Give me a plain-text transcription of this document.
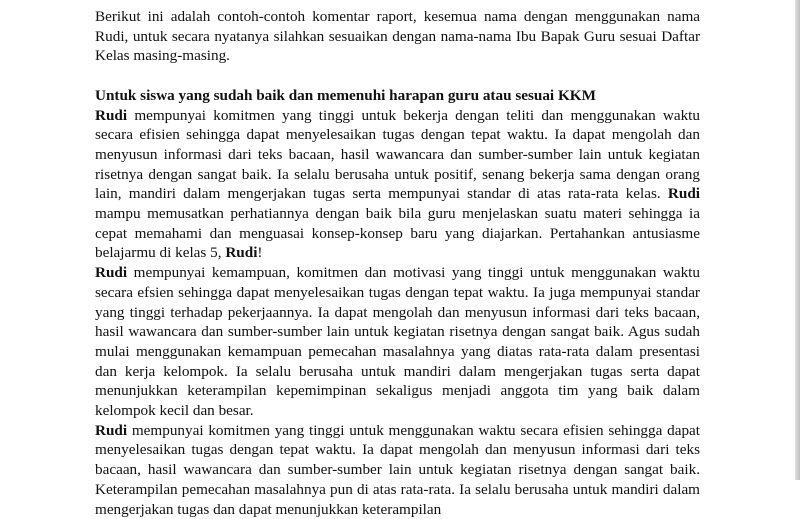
Berikut ini adalah contoh-contoh komentar raport, kesemua nama dengan menggunakan nama Rudi, untuk secara nyatanya silahkan sesuaikan dengan nama-nama Ibu Bapak Guru sesuai Daftar Kelas masing-masing.

Untuk siswa yang sudah baik dan memenuhi harapan guru atau sesuai KKM

Rudi mempunyai komitmen yang tinggi untuk bekerja dengan teliti dan menggunakan waktu secara efisien sehingga dapat menyelesaikan tugas dengan tepat waktu. Ia dapat mengolah dan menyusun informasi dari teks bacaan, hasil wawancara dan sumber-sumber lain untuk kegiatan risetnya dengan sangat baik. Ia selalu berusaha untuk positif, senang bekerja sama dengan orang lain, mandiri dalam mengerjakan tugas serta mempunyai standar di atas rata-rata kelas. Rudi mampu memusatkan perhatiannya dengan baik bila guru menjelaskan suatu materi sehingga ia cepat memahami dan menguasai konsep-konsep baru yang diajarkan. Pertahankan antusiasme belajarmu di kelas 5, Rudi!

Rudi mempunyai kemampuan, komitmen dan motivasi yang tinggi untuk menggunakan waktu secara efsien sehingga dapat menyelesaikan tugas dengan tepat waktu. Ia juga mempunyai standar yang tinggi terhadap pekerjaannya. Ia dapat mengolah dan menyusun informasi dari teks bacaan, hasil wawancara dan sumber-sumber lain untuk kegiatan risetnya dengan sangat baik. Agus sudah mulai menggunakan kemampuan pemecahan masalahnya yang diatas rata-rata dalam presentasi dan kerja kelompok. Ia selalu berusaha untuk mandiri dalam mengerjakan tugas serta dapat menunjukkan keterampilan kepemimpinan sekaligus menjadi anggota tim yang baik dalam kelompok kecil dan besar.

Rudi mempunyai komitmen yang tinggi untuk menggunakan waktu secara efisien sehingga dapat menyelesaikan tugas dengan tepat waktu. Ia dapat mengolah dan menyusun informasi dari teks bacaan, hasil wawancara dan sumber-sumber lain untuk kegiatan risetnya dengan sangat baik. Keterampilan pemecahan masalahnya pun di atas rata-rata. Ia selalu berusaha untuk mandiri dalam mengerjakan tugas dan dapat menunjukkan keterampilan
